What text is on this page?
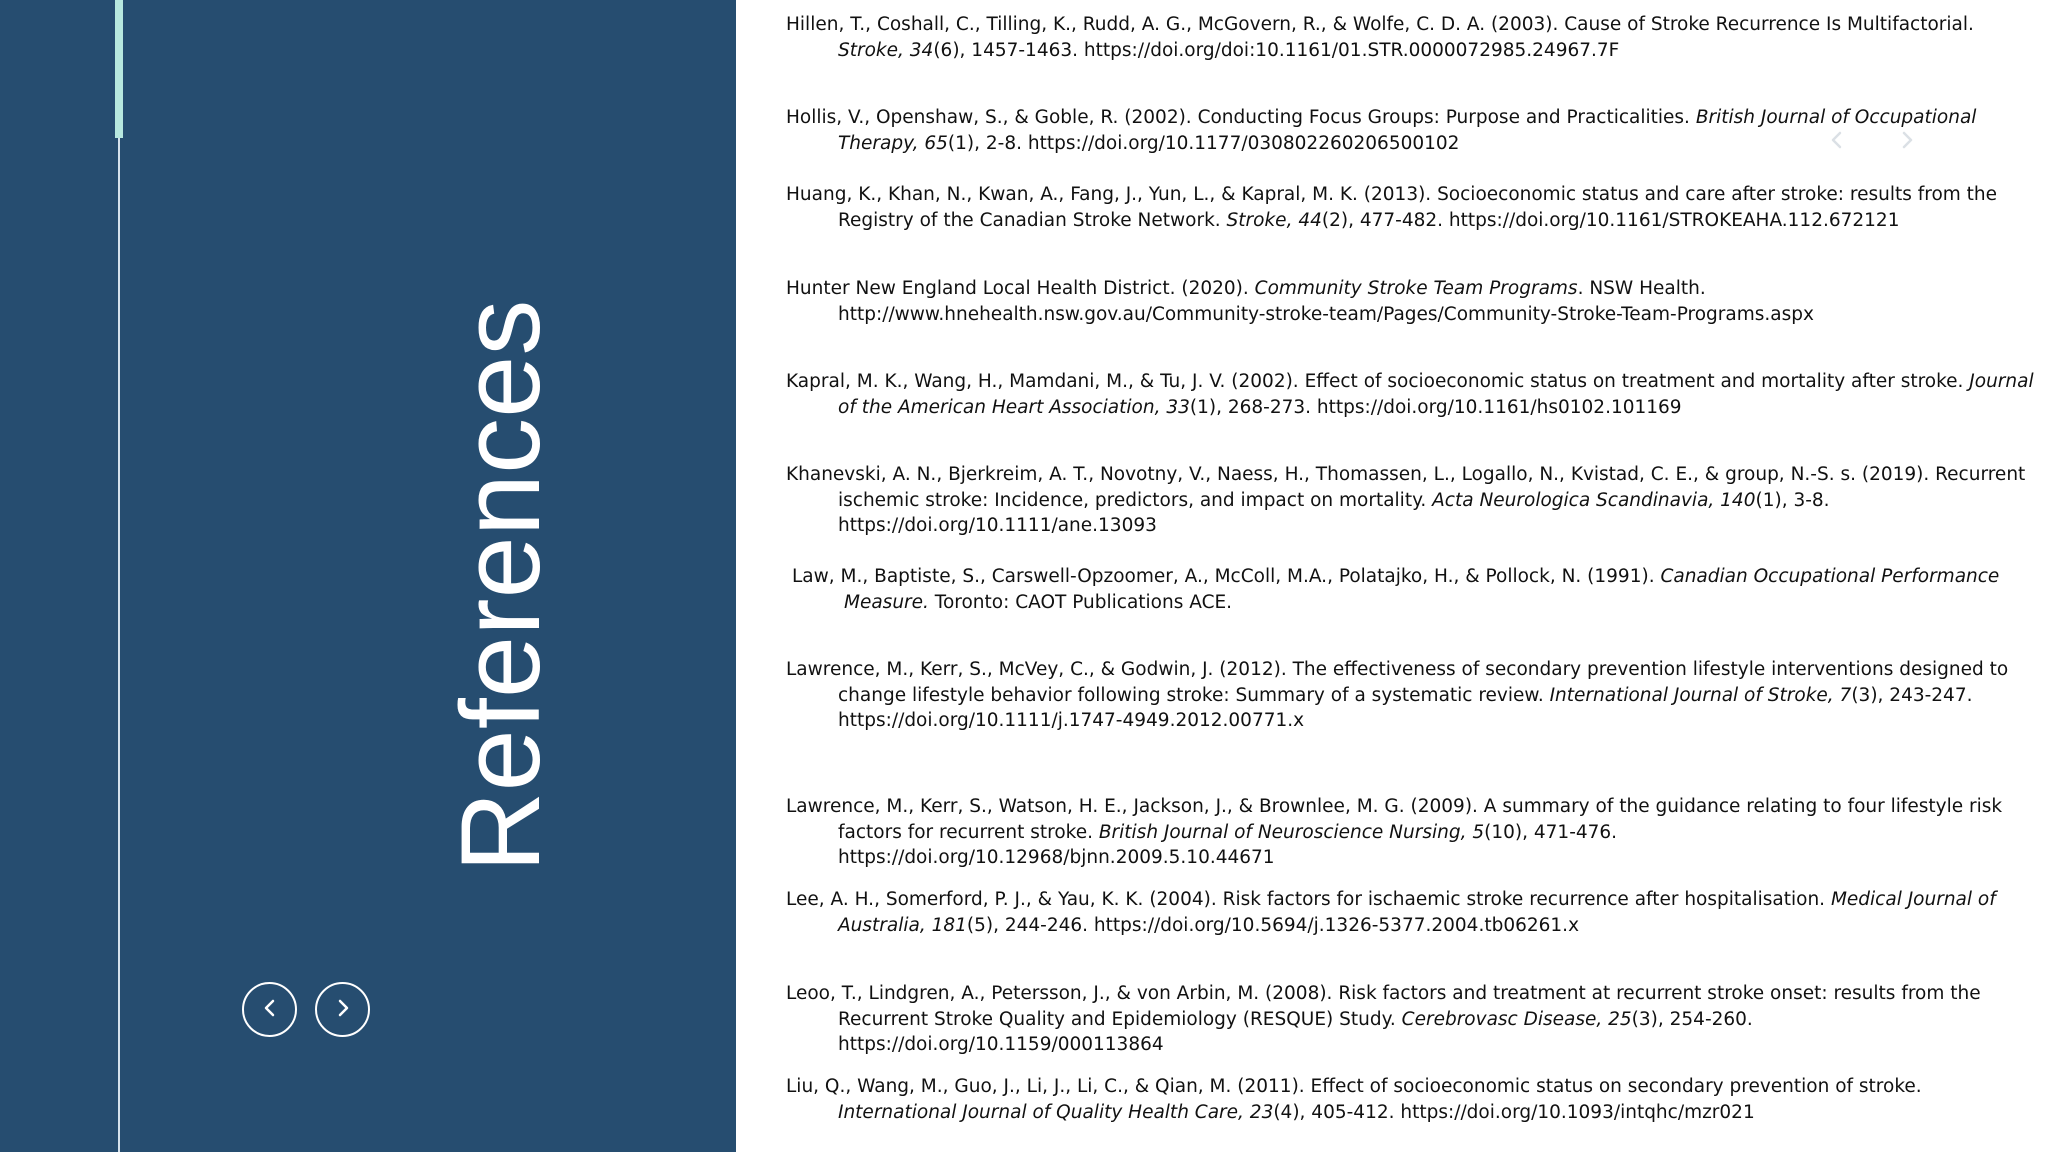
References

Hillen, T., Coshall, C., Tilling, K., Rudd, A. G., McGovern, R., & Wolfe, C. D. A. (2003). Cause of Stroke Recurrence Is Multifactorial. Stroke, 34(6), 1457-1463. https://doi.org/doi:10.1161/01.STR.0000072985.24967.7F

Hollis, V., Openshaw, S., & Goble, R. (2002). Conducting Focus Groups: Purpose and Practicalities. British Journal of Occupational Therapy, 65(1), 2-8. https://doi.org/10.1177/030802260206500102

Huang, K., Khan, N., Kwan, A., Fang, J., Yun, L., & Kapral, M. K. (2013). Socioeconomic status and care after stroke: results from the Registry of the Canadian Stroke Network. Stroke, 44(2), 477-482. https://doi.org/10.1161/STROKEAHA.112.672121

Hunter New England Local Health District. (2020). Community Stroke Team Programs. NSW Health. http://www.hnehealth.nsw.gov.au/Community-stroke-team/Pages/Community-Stroke-Team-Programs.aspx

Kapral, M. K., Wang, H., Mamdani, M., & Tu, J. V. (2002). Effect of socioeconomic status on treatment and mortality after stroke. Journal of the American Heart Association, 33(1), 268-273. https://doi.org/10.1161/hs0102.101169

Khanevski, A. N., Bjerkreim, A. T., Novotny, V., Naess, H., Thomassen, L., Logallo, N., Kvistad, C. E., & group, N.-S. s. (2019). Recurrent ischemic stroke: Incidence, predictors, and impact on mortality. Acta Neurologica Scandinavia, 140(1), 3-8. https://doi.org/10.1111/ane.13093

Law, M., Baptiste, S., Carswell-Opzoomer, A., McColl, M.A., Polatajko, H., & Pollock, N. (1991). Canadian Occupational Performance Measure. Toronto: CAOT Publications ACE.

Lawrence, M., Kerr, S., McVey, C., & Godwin, J. (2012). The effectiveness of secondary prevention lifestyle interventions designed to change lifestyle behavior following stroke: Summary of a systematic review. International Journal of Stroke, 7(3), 243-247. https://doi.org/10.1111/j.1747-4949.2012.00771.x

Lawrence, M., Kerr, S., Watson, H. E., Jackson, J., & Brownlee, M. G. (2009). A summary of the guidance relating to four lifestyle risk factors for recurrent stroke. British Journal of Neuroscience Nursing, 5(10), 471-476. https://doi.org/10.12968/bjnn.2009.5.10.44671

Lee, A. H., Somerford, P. J., & Yau, K. K. (2004). Risk factors for ischaemic stroke recurrence after hospitalisation. Medical Journal of Australia, 181(5), 244-246. https://doi.org/10.5694/j.1326-5377.2004.tb06261.x

Leoo, T., Lindgren, A., Petersson, J., & von Arbin, M. (2008). Risk factors and treatment at recurrent stroke onset: results from the Recurrent Stroke Quality and Epidemiology (RESQUE) Study. Cerebrovasc Disease, 25(3), 254-260. https://doi.org/10.1159/000113864

Liu, Q., Wang, M., Guo, J., Li, J., Li, C., & Qian, M. (2011). Effect of socioeconomic status on secondary prevention of stroke. International Journal of Quality Health Care, 23(4), 405-412. https://doi.org/10.1093/intqhc/mzr021
